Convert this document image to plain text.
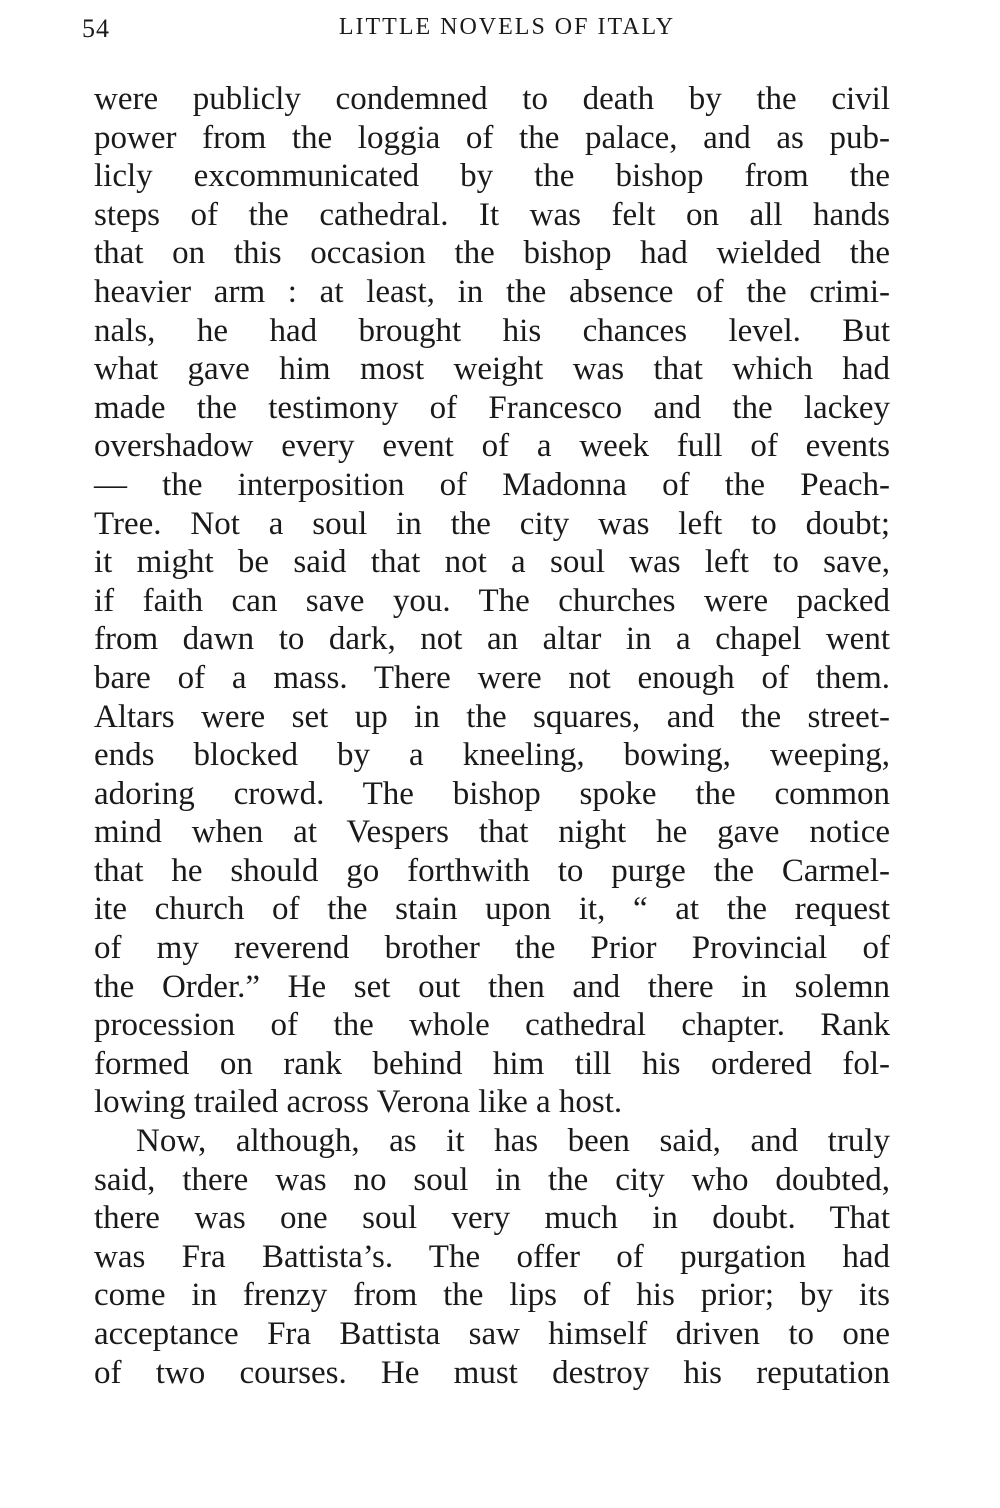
54	LITTLE NOVELS OF ITALY
were publicly condemned to death by the civil
power from the loggia of the palace, and as pub-
licly excommunicated by the bishop from the
steps of the cathedral. It was felt on all hands
that on this occasion the bishop had wielded the
heavier arm : at least, in the absence of the crimi-
nals, he had brought his chances level. But
what gave him most weight was that which had
made the testimony of Francesco and the lackey
overshadow every event of a week full of events
— the interposition of Madonna of the Peach-
Tree. Not a soul in the city was left to doubt;
it might be said that not a soul was left to save,
if faith can save you. The churches were packed
from dawn to dark, not an altar in a chapel went
bare of a mass. There were not enough of them.
Altars were set up in the squares, and the street-
ends blocked by a kneeling, bowing, weeping,
adoring crowd. The bishop spoke the common
mind when at Vespers that night he gave notice
that he should go forthwith to purge the Carmel-
ite church of the stain upon it, “ at the request
of my reverend brother the Prior Provincial of
the Order.” He set out then and there in solemn
procession of the whole cathedral chapter. Rank
formed on rank behind him till his ordered fol-
lowing trailed across Verona like a host.
Now, although, as it has been said, and truly
said, there was no soul in the city who doubted,
there was one soul very much in doubt. That
was Fra Battista’s. The offer of purgation had
come in frenzy from the lips of his prior; by its
acceptance Fra Battista saw himself driven to one
of two courses. He must destroy his reputation
